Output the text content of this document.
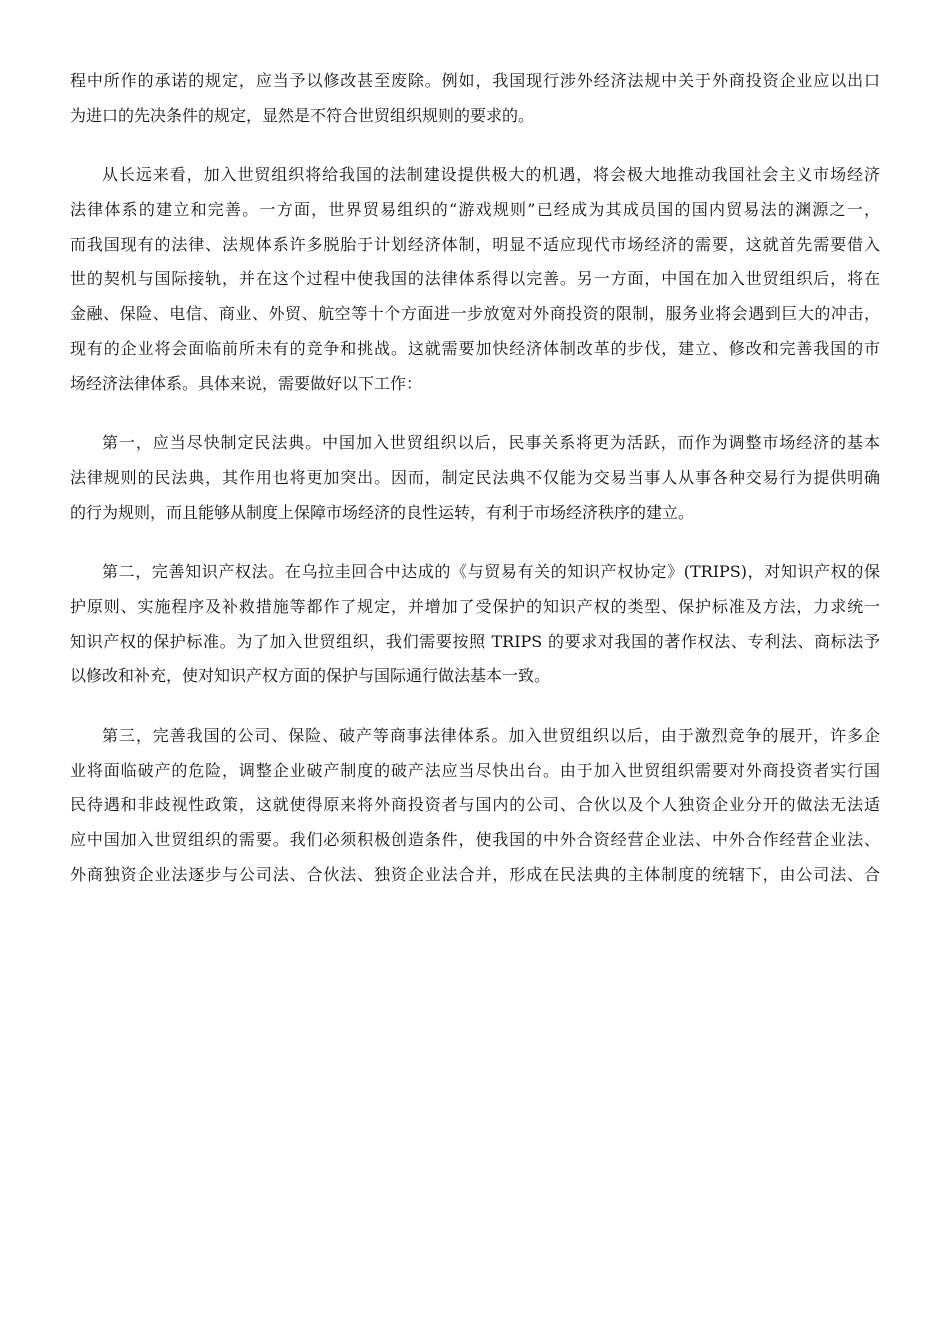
程中所作的承诺的规定，应当予以修改甚至废除。例如，我国现行涉外经济法规中关于外商投资企业应以出口
为进口的先决条件的规定，显然是不符合世贸组织规则的要求的。
从长远来看，加入世贸组织将给我国的法制建设提供极大的机遇，将会极大地推动我国社会主义市场经济
法律体系的建立和完善。一方面，世界贸易组织的“游戏规则”已经成为其成员国的国内贸易法的渊源之一，
而我国现有的法律、法规体系许多脱胎于计划经济体制，明显不适应现代市场经济的需要，这就首先需要借入
世的契机与国际接轨，并在这个过程中使我国的法律体系得以完善。另一方面，中国在加入世贸组织后，将在
金融、保险、电信、商业、外贸、航空等十个方面进一步放宽对外商投资的限制，服务业将会遇到巨大的冲击，
现有的企业将会面临前所未有的竞争和挑战。这就需要加快经济体制改革的步伐，建立、修改和完善我国的市
场经济法律体系。具体来说，需要做好以下工作：
第一，应当尽快制定民法典。中国加入世贸组织以后，民事关系将更为活跃，而作为调整市场经济的基本
法律规则的民法典，其作用也将更加突出。因而，制定民法典不仅能为交易当事人从事各种交易行为提供明确
的行为规则，而且能够从制度上保障市场经济的良性运转，有利于市场经济秩序的建立。
第二，完善知识产权法。在乌拉圭回合中达成的《与贸易有关的知识产权协定》(TRIPS)，对知识产权的保
护原则、实施程序及补救措施等都作了规定，并增加了受保护的知识产权的类型、保护标准及方法，力求统一
知识产权的保护标准。为了加入世贸组织，我们需要按照 TRIPS 的要求对我国的著作权法、专利法、商标法予
以修改和补充，使对知识产权方面的保护与国际通行做法基本一致。
第三，完善我国的公司、保险、破产等商事法律体系。加入世贸组织以后，由于激烈竞争的展开，许多企
业将面临破产的危险，调整企业破产制度的破产法应当尽快出台。由于加入世贸组织需要对外商投资者实行国
民待遇和非歧视性政策，这就使得原来将外商投资者与国内的公司、合伙以及个人独资企业分开的做法无法适
应中国加入世贸组织的需要。我们必须积极创造条件，使我国的中外合资经营企业法、中外合作经营企业法、
外商独资企业法逐步与公司法、合伙法、独资企业法合并，形成在民法典的主体制度的统辖下，由公司法、合
